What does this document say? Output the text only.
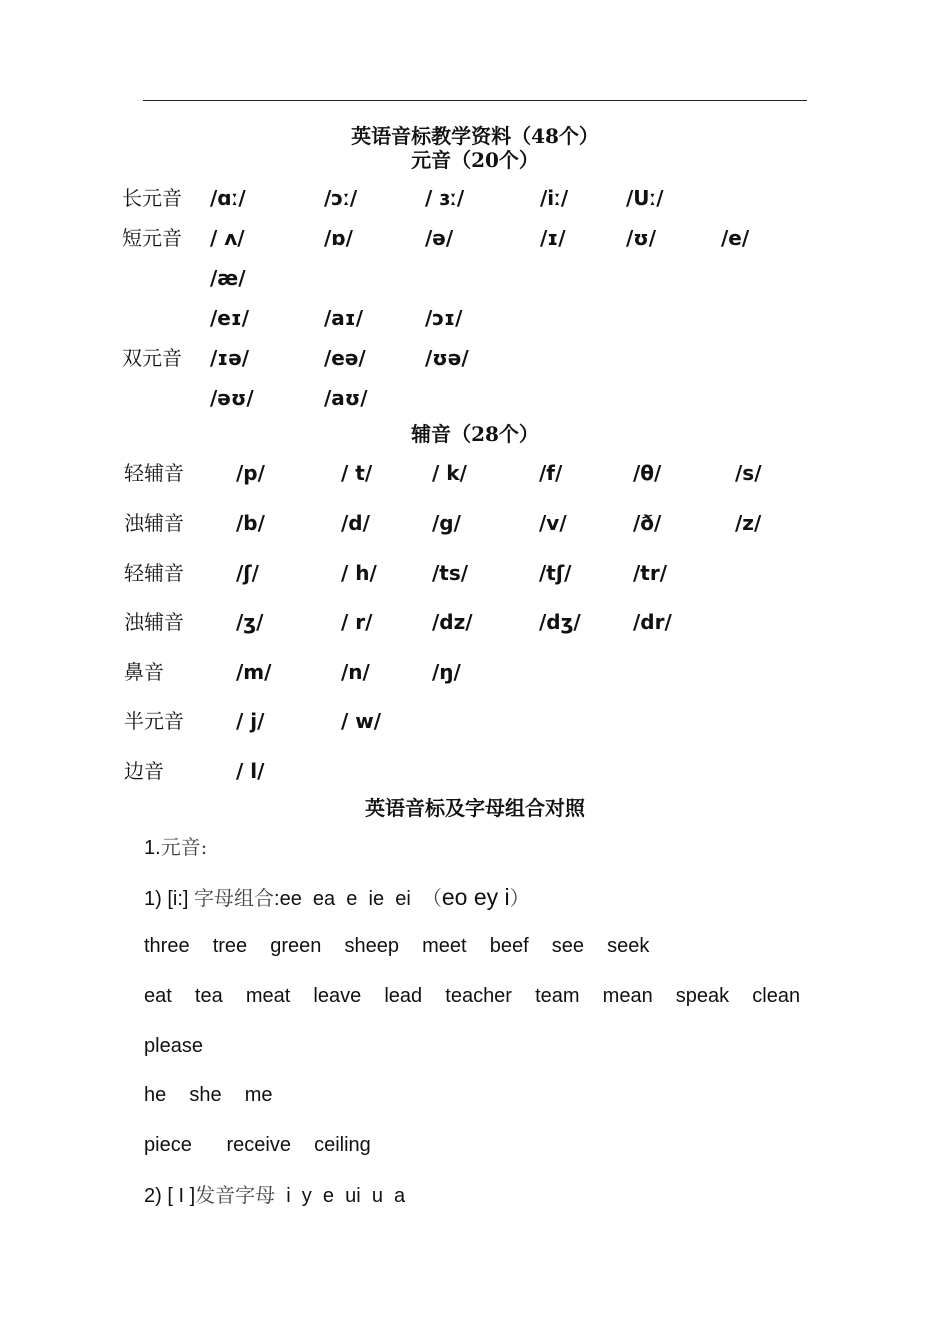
英语音标教学资料（48个）
元音（20个）
长元音 /ɑː/	/ɔː/	/ ɜː/	/iː/	/Uː/
短元音 / ʌ/	/ɒ/	/ə/	/ɪ/	/ʊ/	/e/
/æ/
/eɪ/	/aɪ/	/ɔɪ/
双元音 /ɪə/	/eə/	/ʊə/
/əʊ/	/aʊ/
辅音（28个）
轻辅音	/p/	/ t/	/ k/	/f/	/θ/	/s/
浊辅音	/b/	/d/	/g/	/v/	/ð/	/z/
轻辅音	/ʃ/	/ h/	/ts/	/tʃ/	/tr/
浊辅音	/ʒ/	/ r/	/dz/	/dʒ/	/dr/
鼻音	/m/	/n/	/ŋ/
半元音	/ j/	/ w/
边音	/ l/
英语音标及字母组合对照
1.元音:
1) [i:] 字母组合:ee  ea  e  ie  ei  （eo ey i）
three  tree  green  sheep  meet  beef  see  seek
eat  tea  meat  leave  lead  teacher  team  mean  speak  clean
please
he  she  me
piece   receive  ceiling
2) [ I ]发音字母  i  y  e  ui  u  a
